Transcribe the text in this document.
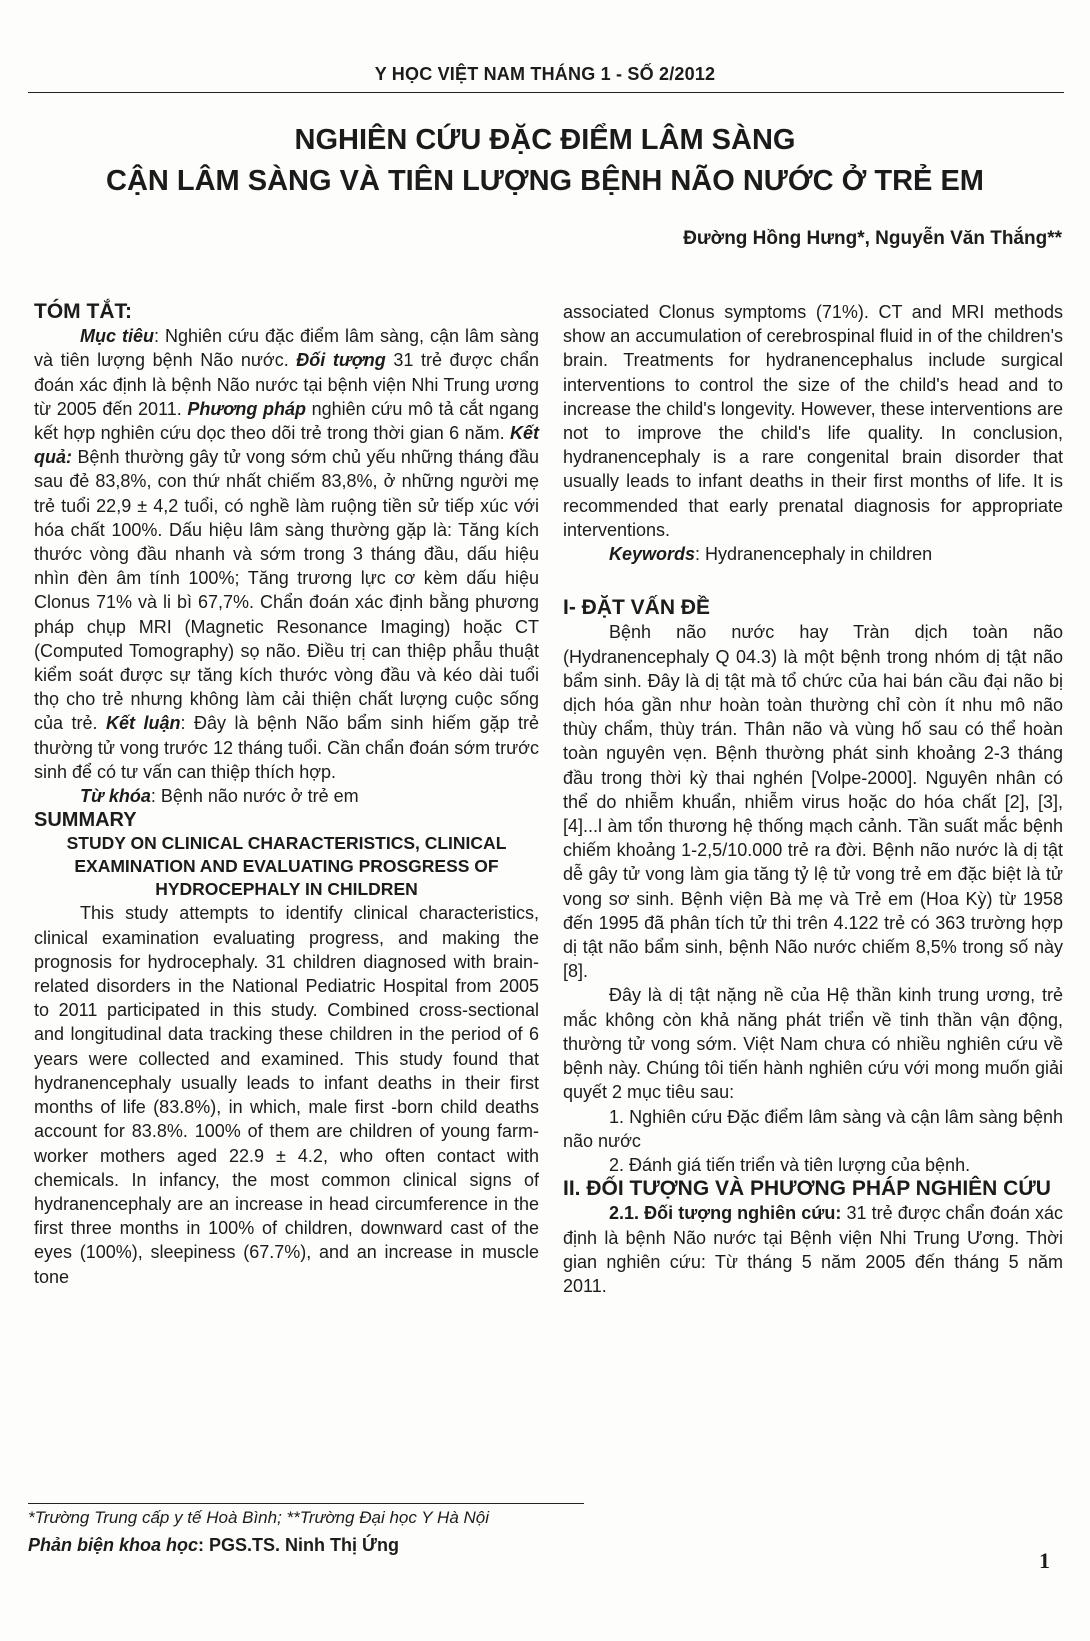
Y HỌC VIỆT NAM THÁNG 1 - SỐ 2/2012
NGHIÊN CỨU ĐẶC ĐIỂM LÂM SÀNG
CẬN LÂM SÀNG VÀ TIÊN LƯỢNG BỆNH NÃO NƯỚC Ở TRẺ EM
Đường Hồng Hưng*, Nguyễn Văn Thắng**

TÓM TẮT:

Mục tiêu: Nghiên cứu đặc điểm lâm sàng, cận lâm sàng và tiên lượng bệnh Não nước. Đối tượng 31 trẻ được chẩn đoán xác định là bệnh Não nước tại bệnh viện Nhi Trung ương từ 2005 đến 2011. Phương pháp nghiên cứu mô tả cắt ngang kết hợp nghiên cứu dọc theo dõi trẻ trong thời gian 6 năm. Kết quả: Bệnh thường gây tử vong sớm chủ yếu những tháng đầu sau đẻ 83,8%, con thứ nhất chiếm 83,8%, ở những người mẹ trẻ tuổi 22,9 ± 4,2 tuổi, có nghề làm ruộng tiền sử tiếp xúc với hóa chất 100%. Dấu hiệu lâm sàng thường gặp là: Tăng kích thước vòng đầu nhanh và sớm trong 3 tháng đầu, dấu hiệu nhìn đèn âm tính 100%; Tăng trương lực cơ kèm dấu hiệu Clonus 71% và li bì 67,7%. Chẩn đoán xác định bằng phương pháp chụp MRI (Magnetic Resonance Imaging) hoặc CT (Computed Tomography) sọ não. Điều trị can thiệp phẫu thuật kiểm soát được sự tăng kích thước vòng đầu và kéo dài tuổi thọ cho trẻ nhưng không làm cải thiện chất lượng cuộc sống của trẻ. Kết luận: Đây là bệnh Não bẩm sinh hiếm gặp trẻ thường tử vong trước 12 tháng tuổi. Cần chẩn đoán sớm trước sinh để có tư vấn can thiệp thích hợp.

Từ khóa: Bệnh não nước ở trẻ em

SUMMARY

STUDY ON CLINICAL CHARACTERISTICS, CLINICAL EXAMINATION AND EVALUATING PROSGRESS OF HYDROCEPHALY IN CHILDREN

This study attempts to identify clinical characteristics, clinical examination evaluating progress, and making the prognosis for hydrocephaly. 31 children diagnosed with brain-related disorders in the National Pediatric Hospital from 2005 to 2011 participated in this study. Combined cross-sectional and longitudinal data tracking these children in the period of 6 years were collected and examined. This study found that hydranencephaly usually leads to infant deaths in their first months of life (83.8%), in which, male first -born child deaths account for 83.8%. 100% of them are children of young farm-worker mothers aged 22.9 ± 4.2, who often contact with chemicals. In infancy, the most common clinical signs of hydranencephaly are an increase in head circumference in the first three months in 100% of children, downward cast of the eyes (100%), sleepiness (67.7%), and an increase in muscle tone

associated Clonus symptoms (71%). CT and MRI methods show an accumulation of cerebrospinal fluid in of the children's brain. Treatments for hydranencephalus include surgical interventions to control the size of the child's head and to increase the child's longevity. However, these interventions are not to improve the child's life quality. In conclusion, hydranencephaly is a rare congenital brain disorder that usually leads to infant deaths in their first months of life. It is recommended that early prenatal diagnosis for appropriate interventions.

Keywords: Hydranencephaly in children

I- ĐẶT VẤN ĐỀ

Bệnh não nước hay Tràn dịch toàn não (Hydranencephaly Q 04.3) là một bệnh trong nhóm dị tật não bẩm sinh. Đây là dị tật mà tổ chức của hai bán cầu đại não bị dịch hóa gần như hoàn toàn thường chỉ còn ít nhu mô não thùy chẩm, thùy trán. Thân não và vùng hố sau có thể hoàn toàn nguyên vẹn. Bệnh thường phát sinh khoảng 2-3 tháng đầu trong thời kỳ thai nghén [Volpe-2000]. Nguyên nhân có thể do nhiễm khuẩn, nhiễm virus hoặc do hóa chất [2], [3], [4]...l àm tổn thương hệ thống mạch cảnh. Tần suất mắc bệnh chiếm khoảng 1-2,5/10.000 trẻ ra đời. Bệnh não nước là dị tật dễ gây tử vong làm gia tăng tỷ lệ tử vong trẻ em đặc biệt là tử vong sơ sinh. Bệnh viện Bà mẹ và Trẻ em (Hoa Kỳ) từ 1958 đến 1995 đã phân tích tử thi trên 4.122 trẻ có 363 trường hợp dị tật não bẩm sinh, bệnh Não nước chiếm 8,5% trong số này [8].

Đây là dị tật nặng nề của Hệ thần kinh trung ương, trẻ mắc không còn khả năng phát triển về tinh thần vận động, thường tử vong sớm. Việt Nam chưa có nhiều nghiên cứu về bệnh này. Chúng tôi tiến hành nghiên cứu với mong muốn giải quyết 2 mục tiêu sau:

1. Nghiên cứu Đặc điểm lâm sàng và cận lâm sàng bệnh não nước

2. Đánh giá tiến triển và tiên lượng của bệnh.

II. ĐỐI TƯỢNG VÀ PHƯƠNG PHÁP NGHIÊN CỨU

2.1. Đối tượng nghiên cứu: 31 trẻ được chẩn đoán xác định là bệnh Não nước tại Bệnh viện Nhi Trung Ương. Thời gian nghiên cứu: Từ tháng 5 năm 2005 đến tháng 5 năm 2011.

*Trường Trung cấp y tế Hoà Bình; **Trường Đại học Y Hà Nội
Phản biện khoa học: PGS.TS. Ninh Thị Ứng
1
